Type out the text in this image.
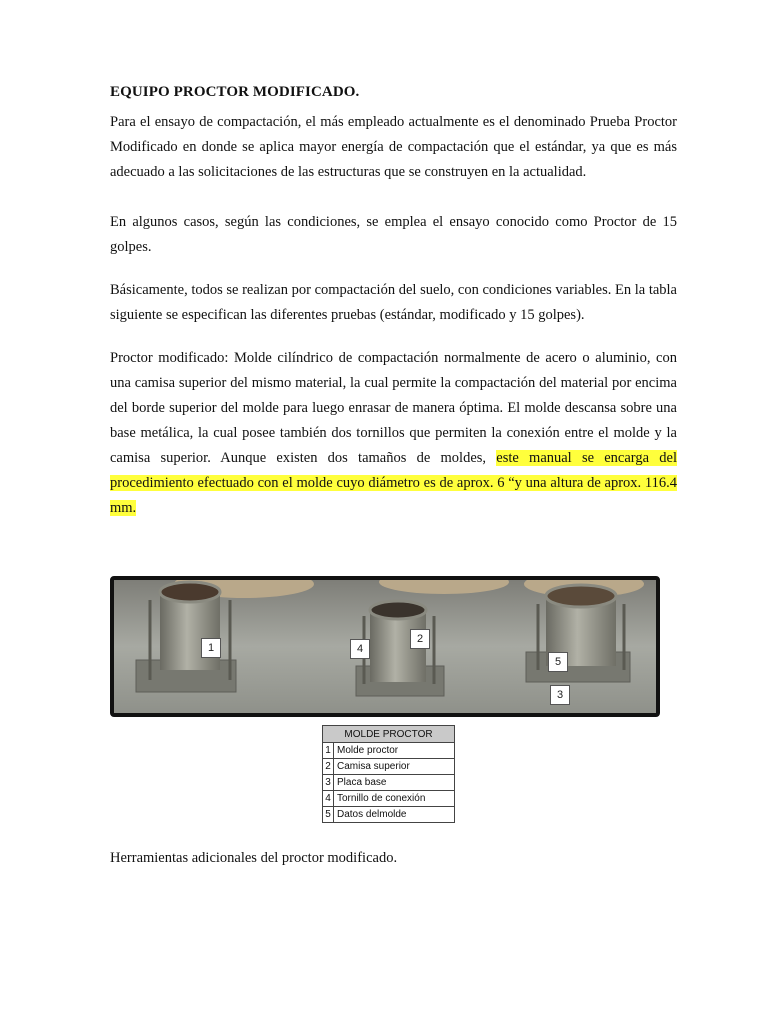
EQUIPO PROCTOR MODIFICADO.
Para el ensayo de compactación, el más empleado actualmente es el denominado Prueba Proctor Modificado en donde se aplica mayor energía de compactación que el estándar, ya que es más adecuado a las solicitaciones de las estructuras que se construyen en la actualidad.
En algunos casos, según las condiciones, se emplea el ensayo conocido como Proctor de 15 golpes.
Básicamente, todos se realizan por compactación del suelo, con condiciones variables. En la tabla siguiente se especifican las diferentes pruebas (estándar, modificado y 15 golpes).
Proctor modificado: Molde cilíndrico de compactación normalmente de acero o aluminio, con una camisa superior del mismo material, la cual permite la compactación del material por encima del borde superior del molde para luego enrasar de manera óptima. El molde descansa sobre una base metálica, la cual posee también dos tornillos que permiten la conexión entre el molde y la camisa superior. Aunque existen dos tamaños de moldes, este manual se encarga del procedimiento efectuado con el molde cuyo diámetro es de aprox. 6 “y una altura de aprox. 116.4 mm.
1	4
2
5
3
MOLDE PROCTOR	
1	Molde proctor
2	Camisa superior
3	Placa base
4	Tornillo de conexión
5	Datos delmolde
Herramientas adicionales del proctor modificado.
